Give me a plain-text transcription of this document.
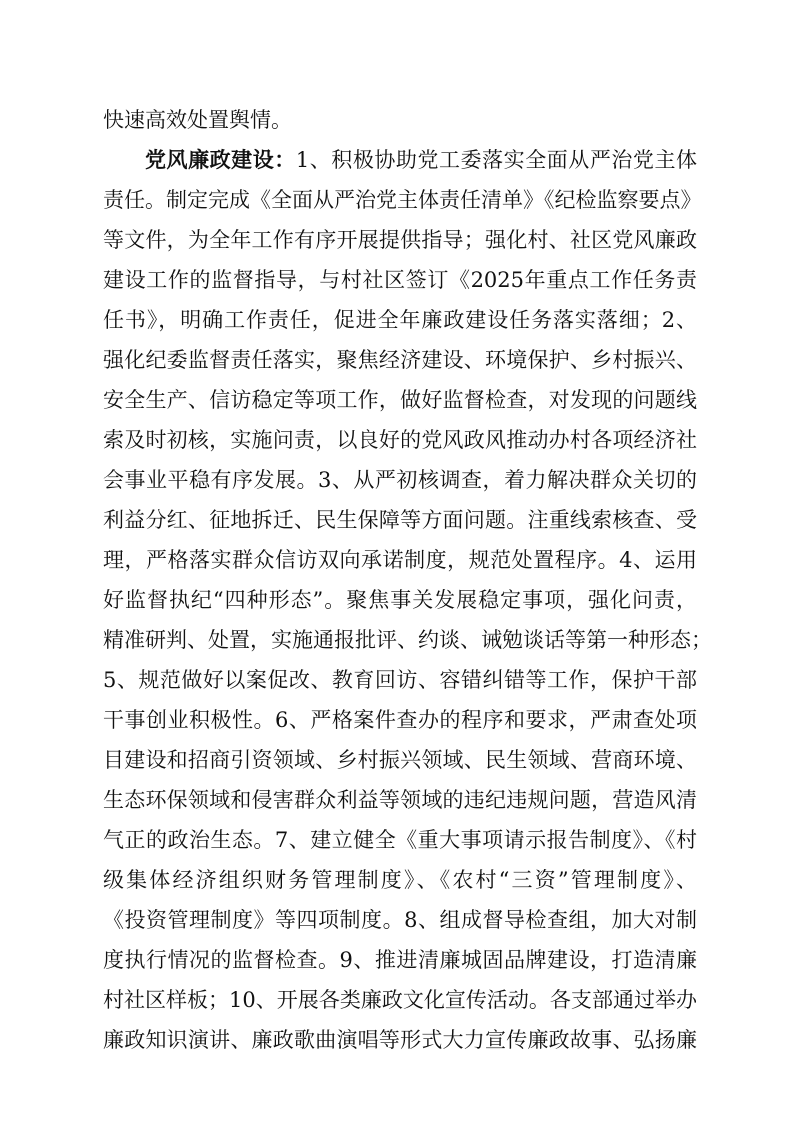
快速高效处置舆情。
党风廉政建设：1、积极协助党工委落实全面从严治党主体
责任。制定完成《全面从严治党主体责任清单》《纪检监察要点》
等文件，为全年工作有序开展提供指导；强化村、社区党风廉政
建设工作的监督指导，与村社区签订《2025年重点工作任务责
任书》，明确工作责任，促进全年廉政建设任务落实落细；2、
强化纪委监督责任落实，聚焦经济建设、环境保护、乡村振兴、
安全生产、信访稳定等项工作，做好监督检查，对发现的问题线
索及时初核，实施问责，以良好的党风政风推动办村各项经济社
会事业平稳有序发展。3、从严初核调查，着力解决群众关切的
利益分红、征地拆迁、民生保障等方面问题。注重线索核查、受
理，严格落实群众信访双向承诺制度，规范处置程序。4、运用
好监督执纪“四种形态”。聚焦事关发展稳定事项，强化问责，
精准研判、处置，实施通报批评、约谈、诫勉谈话等第一种形态；
5、规范做好以案促改、教育回访、容错纠错等工作，保护干部
干事创业积极性。6、严格案件查办的程序和要求，严肃查处项
目建设和招商引资领域、乡村振兴领域、民生领域、营商环境、
生态环保领域和侵害群众利益等领域的违纪违规问题，营造风清
气正的政治生态。7、建立健全《重大事项请示报告制度》、《村
级集体经济组织财务管理制度》、《农村“三资”管理制度》、
《投资管理制度》等四项制度。8、组成督导检查组，加大对制
度执行情况的监督检查。9、推进清廉城固品牌建设，打造清廉
村社区样板；10、开展各类廉政文化宣传活动。各支部通过举办
廉政知识演讲、廉政歌曲演唱等形式大力宣传廉政故事、弘扬廉
